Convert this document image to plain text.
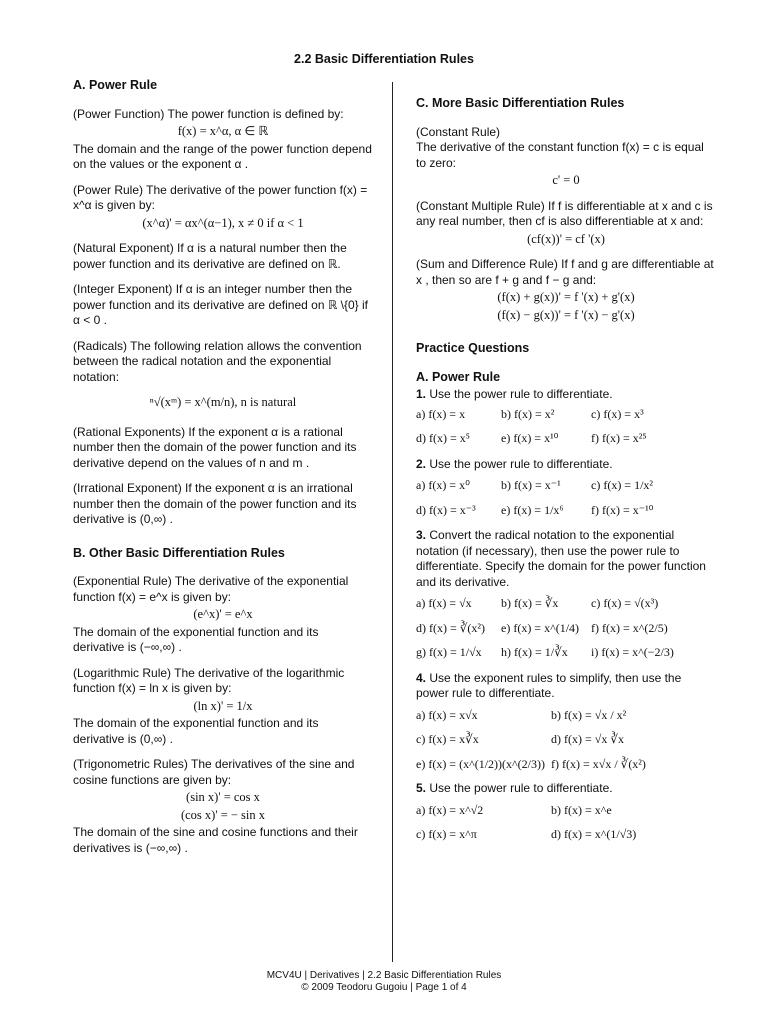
2.2 Basic Differentiation Rules
A. Power Rule
(Power Function) The power function is defined by:
f(x) = x^α, α ∈ ℝ
The domain and the range of the power function depend on the values or the exponent α .
(Power Rule) The derivative of the power function f(x) = x^α is given by:
(x^α)' = αx^(α−1), x ≠ 0 if α < 1
(Natural Exponent) If α is a natural number then the power function and its derivative are defined on ℝ.
(Integer Exponent) If α is an integer number then the power function and its derivative are defined on ℝ \{0} if α < 0 .
(Radicals) The following relation allows the convention between the radical notation and the exponential notation:
ⁿ√(xᵐ) = x^(m/n), n is natural
(Rational Exponents) If the exponent α is a rational number then the domain of the power function and its derivative depend on the values of n and m .
(Irrational Exponent) If the exponent α is an irrational number then the domain of the power function and its derivative is (0,∞) .
B. Other Basic Differentiation Rules
(Exponential Rule) The derivative of the exponential function f(x) = e^x is given by:
(e^x)' = e^x
The domain of the exponential function and its derivative is (−∞,∞) .
(Logarithmic Rule) The derivative of the logarithmic function f(x) = ln x is given by:
(ln x)' = 1/x
The domain of the exponential function and its derivative is (0,∞) .
(Trigonometric Rules) The derivatives of the sine and cosine functions are given by:
(sin x)' = cos x
(cos x)' = − sin x
The domain of the sine and cosine functions and their derivatives is (−∞,∞) .
C. More Basic Differentiation Rules
(Constant Rule)
The derivative of the constant function f(x) = c is equal to zero:
c' = 0
(Constant Multiple Rule) If f is differentiable at x and c is any real number, then cf is also differentiable at x and:
(cf(x))' = cf '(x)
(Sum and Difference Rule) If f and g are differentiable at x , then so are f + g and f − g and:
(f(x) + g(x))' = f '(x) + g'(x)
(f(x) − g(x))' = f '(x) − g'(x)
Practice Questions
A. Power Rule
1. Use the power rule to differentiate.
a) f(x) = x	b) f(x) = x²	c) f(x) = x³
d) f(x) = x⁵	e) f(x) = x¹⁰	f) f(x) = x²⁵
2. Use the power rule to differentiate.
a) f(x) = x⁰	b) f(x) = x⁻¹	c) f(x) = 1/x²
d) f(x) = x⁻³	e) f(x) = 1/x⁶	f) f(x) = x⁻¹⁰
3. Convert the radical notation to the exponential notation (if necessary), then use the power rule to differentiate. Specify the domain for the power function and its derivative.
a) f(x) = √x	b) f(x) = ∛x	c) f(x) = √(x³)
d) f(x) = ∛(x²)	e) f(x) = x^(1/4) f) f(x) = x^(2/5)
g) f(x) = 1/√x	h) f(x) = 1/∛x	i) f(x) = x^(−2/3)
4. Use the exponent rules to simplify, then use the power rule to differentiate.
a) f(x) = x√x	b) f(x) = √x / x²
c) f(x) = x∛x	d) f(x) = √x ∛x
e) f(x) = (x^(1/2))(x^(2/3)) f) f(x) = x√x / ∛(x²)
5. Use the power rule to differentiate.
a) f(x) = x^√2	b) f(x) = x^e
c) f(x) = x^π	d) f(x) = x^(1/√3)
MCV4U | Derivatives | 2.2 Basic Differentiation Rules
© 2009 Teodoru Gugoiu | Page 1 of 4
